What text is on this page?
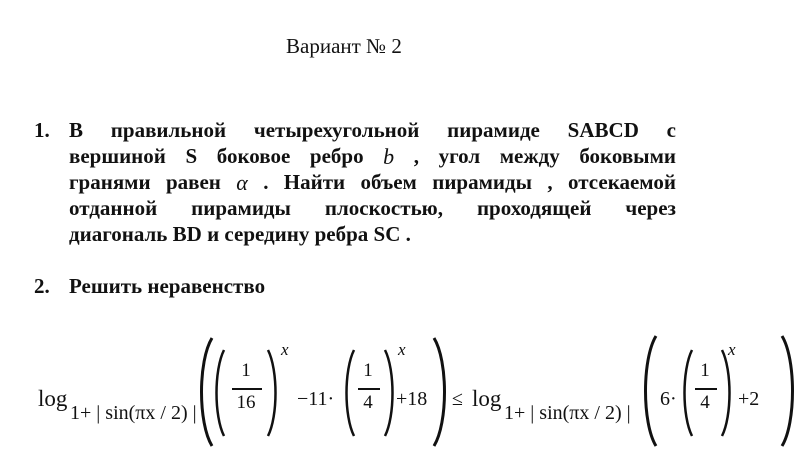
Вариант № 2
1. В правильной четырехугольной пирамиде SABCD с
вершиной S боковое ребро b , угол между боковыми
гранями равен α . Найти объем пирамиды , отсекаемой
отданной пирамиды плоскостью, проходящей через
диагональ BD и середину ребра SC .
2. Решить неравенство
log
1+ | sin(πx / 2) |
1
16
x
−11·
1
4
x
+18 ≤ log
1+ | sin(πx / 2) |
6·
1
4
x
+2
